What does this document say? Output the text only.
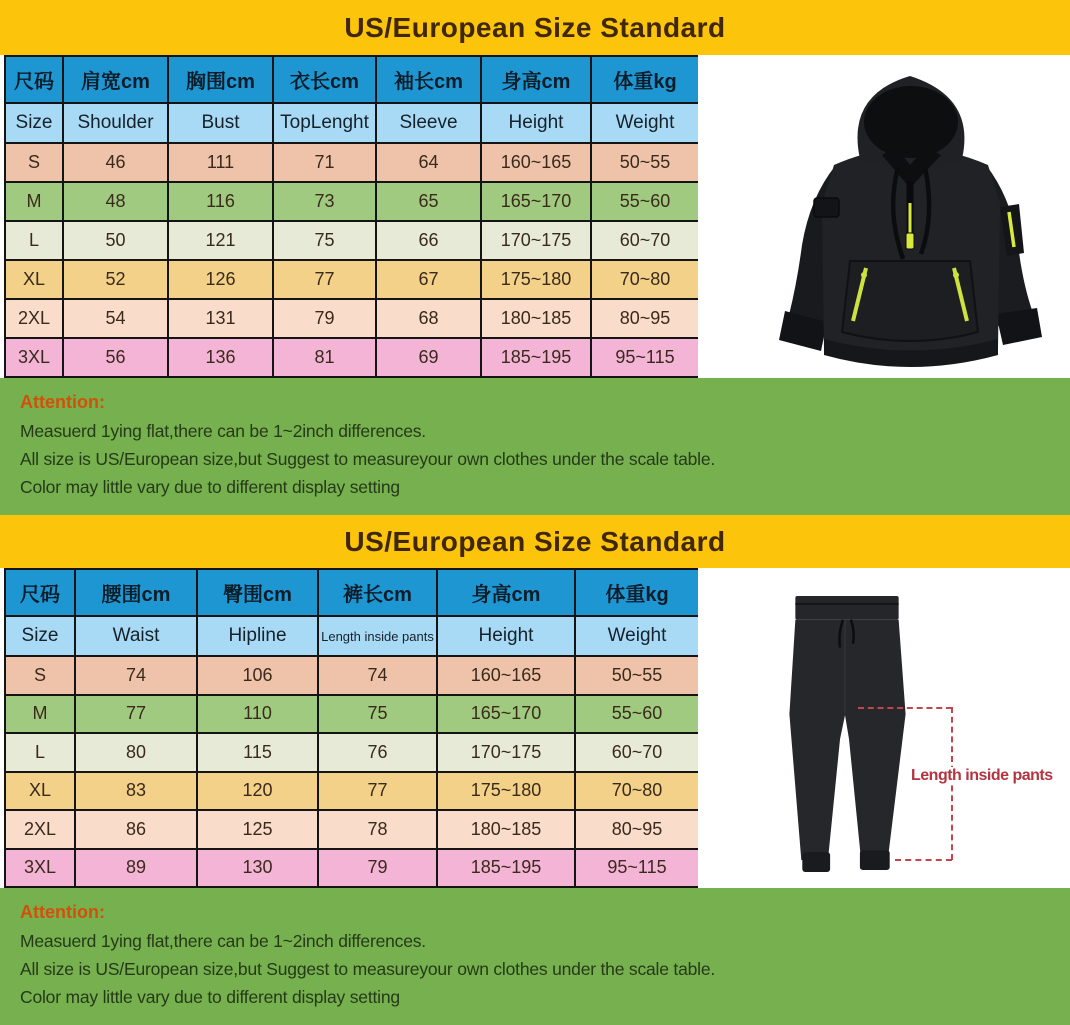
US/European Size Standard
尺码	肩宽cm	胸围cm	衣长cm	袖长cm	身高cm	体重kg
Size	Shoulder	Bust	TopLenght	Sleeve	Height	Weight
S	46	111	71	64	160~165	50~55
M	48	116	73	65	165~170	55~60
L	50	121	75	66	170~175	60~70
XL	52	126	77	67	175~180	70~80
2XL	54	131	79	68	180~185	80~95
3XL	56	136	81	69	185~195	95~115

Attention:

Measuerd 1ying flat,there can be 1~2inch differences.

All size is US/European size,but Suggest to measureyour own clothes under the scale table.

Color may little vary due to different display setting

US/European Size Standard
尺码	腰围cm	臀围cm	裤长cm	身高cm	体重kg
Size	Waist	Hipline	Length inside pants	Height	Weight
S	74	106	74	160~165	50~55
M	77	110	75	165~170	55~60
L	80	115	76	170~175	60~70
XL	83	120	77	175~180	70~80
2XL	86	125	78	180~185	80~95
3XL	89	130	79	185~195	95~115
Length inside pants

Attention:

Measuerd 1ying flat,there can be 1~2inch differences.

All size is US/European size,but Suggest to measureyour own clothes under the scale table.

Color may little vary due to different display setting
